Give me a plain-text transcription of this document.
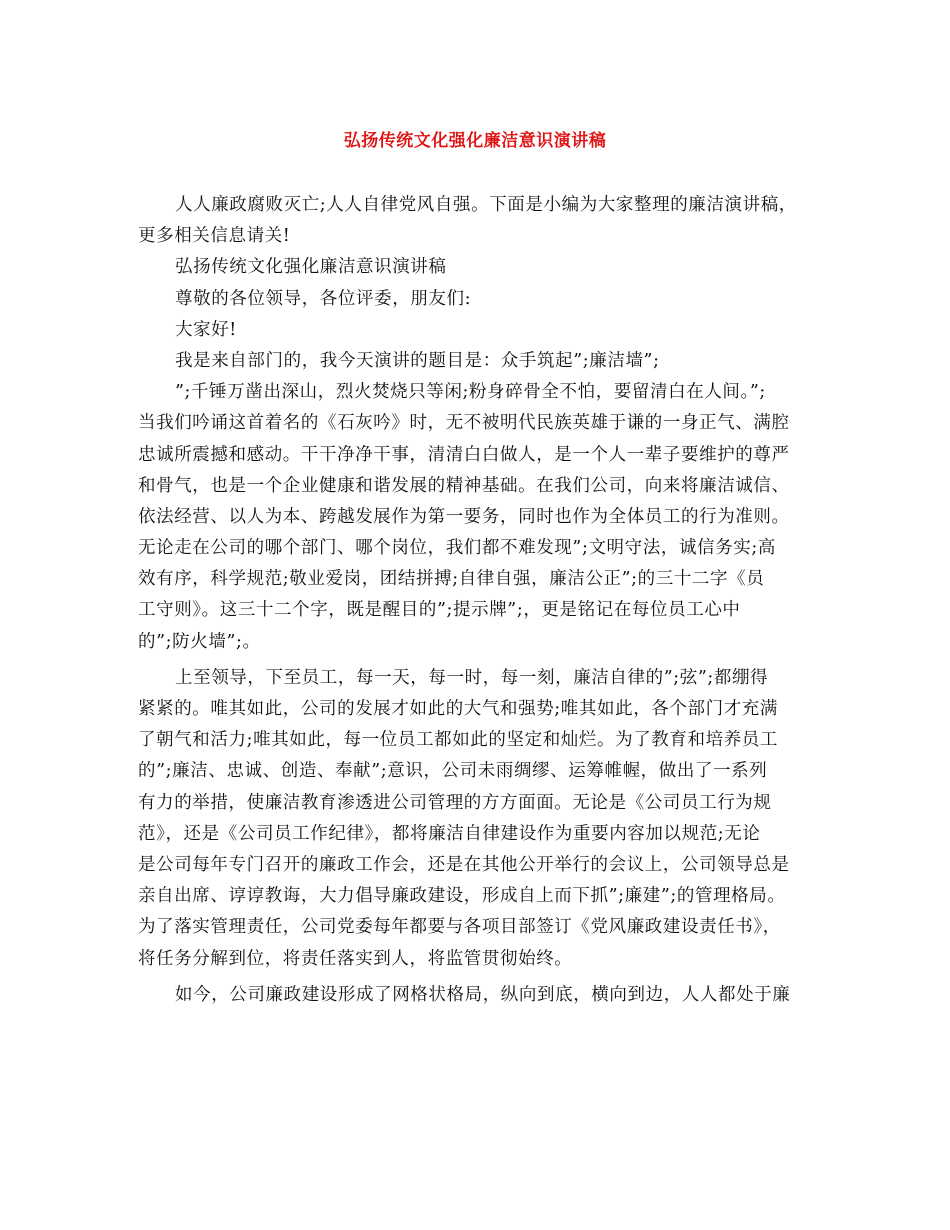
弘扬传统文化强化廉洁意识演讲稿
人人廉政腐败灭亡;人人自律党风自强。下面是小编为大家整理的廉洁演讲稿，
更多相关信息请关!
弘扬传统文化强化廉洁意识演讲稿
尊敬的各位领导，各位评委，朋友们:
大家好!
我是来自部门的，我今天演讲的题目是：众手筑起”;廉洁墙”;
”;千锤万凿出深山，烈火焚烧只等闲;粉身碎骨全不怕，要留清白在人间。”;
当我们吟诵这首着名的《石灰吟》时，无不被明代民族英雄于谦的一身正气、满腔
忠诚所震撼和感动。干干净净干事，清清白白做人，是一个人一辈子要维护的尊严
和骨气，也是一个企业健康和谐发展的精神基础。在我们公司，向来将廉洁诚信、
依法经营、以人为本、跨越发展作为第一要务，同时也作为全体员工的行为准则。
无论走在公司的哪个部门、哪个岗位，我们都不难发现”;文明守法，诚信务实;高
效有序，科学规范;敬业爱岗，团结拼搏;自律自强，廉洁公正”;的三十二字《员
工守则》。这三十二个字，既是醒目的”;提示牌”;，更是铭记在每位员工心中
的”;防火墙”;。
上至领导，下至员工，每一天，每一时，每一刻，廉洁自律的”;弦”;都绷得
紧紧的。唯其如此，公司的发展才如此的大气和强势;唯其如此，各个部门才充满
了朝气和活力;唯其如此，每一位员工都如此的坚定和灿烂。为了教育和培养员工
的”;廉洁、忠诚、创造、奉献”;意识，公司未雨绸缪、运筹帷幄，做出了一系列
有力的举措，使廉洁教育渗透进公司管理的方方面面。无论是《公司员工行为规
范》，还是《公司员工作纪律》，都将廉洁自律建设作为重要内容加以规范;无论
是公司每年专门召开的廉政工作会，还是在其他公开举行的会议上，公司领导总是
亲自出席、谆谆教诲，大力倡导廉政建设，形成自上而下抓”;廉建”;的管理格局。
为了落实管理责任，公司党委每年都要与各项目部签订《党风廉政建设责任书》，
将任务分解到位，将责任落实到人，将监管贯彻始终。
如今，公司廉政建设形成了网格状格局，纵向到底，横向到边，人人都处于廉
